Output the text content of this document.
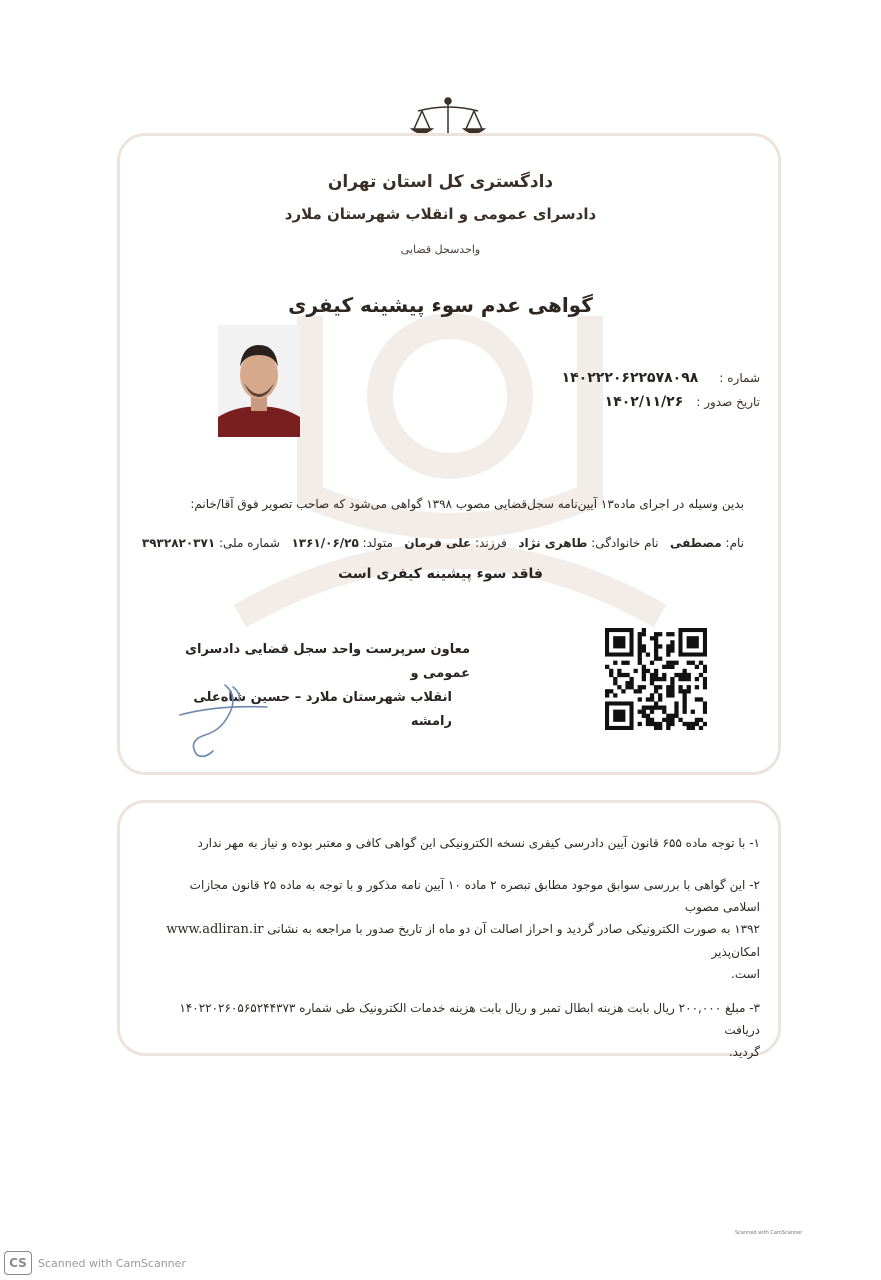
دادگستری کل استان تهران
دادسرای عمومی و انقلاب شهرستان ملارد
واحدسجل قضایی
گواهی عدم سوء پیشینه کیفری
شماره : ۱۴۰۲۲۲۰۶۲۲۵۷۸۰۹۸
تاریخ صدور : ۱۴۰۲/۱۱/۲۶
بدین وسیله در اجرای ماده۱۳ آیین‌نامه سجل‌قضایی مصوب ۱۳۹۸ گواهی می‌شود که صاحب تصویر فوق آقا/خانم:
نام: مصطفی   نام خانوادگی: طاهری نژاد   فرزند: علی فرمان   متولد: ۱۳۶۱/۰۶/۲۵   شماره ملی: ۳۹۳۲۸۲۰۳۷۱
فاقد سوء پیشینه کیفری است
معاون سرپرست واحد سجل قضایی دادسرای عمومی و
انقلاب شهرستان ملارد – حسین شاه‌علی رامشه

۱- با توجه ماده ۶۵۵ قانون آیین دادرسی کیفری نسخه الکترونیکی این گواهی کافی و معتبر بوده و نیاز به مهر ندارد

۲- این گواهی با بررسی سوابق موجود مطابق تبصره ۲ ماده ۱۰ آیین نامه مذکور و با توجه به ماده ۲۵ قانون مجازات اسلامی مصوب

۱۳۹۲ به صورت الکترونیکی صادر گردید و احراز اصالت آن دو ماه از تاریخ صدور با مراجعه به نشانی www.adliran.ir امکان‌پذیر

است.

۳- مبلغ ۲۰۰,۰۰۰ ریال بابت هزینه ابطال تمبر و ریال بابت هزینه خدمات الکترونیک طی شماره ۱۴۰۲۲۰۲۶۰۵۶۵۲۴۴۳۷۳ دریافت

گردید.

CS	Scanned with CamScanner
Scanned with CamScanner
